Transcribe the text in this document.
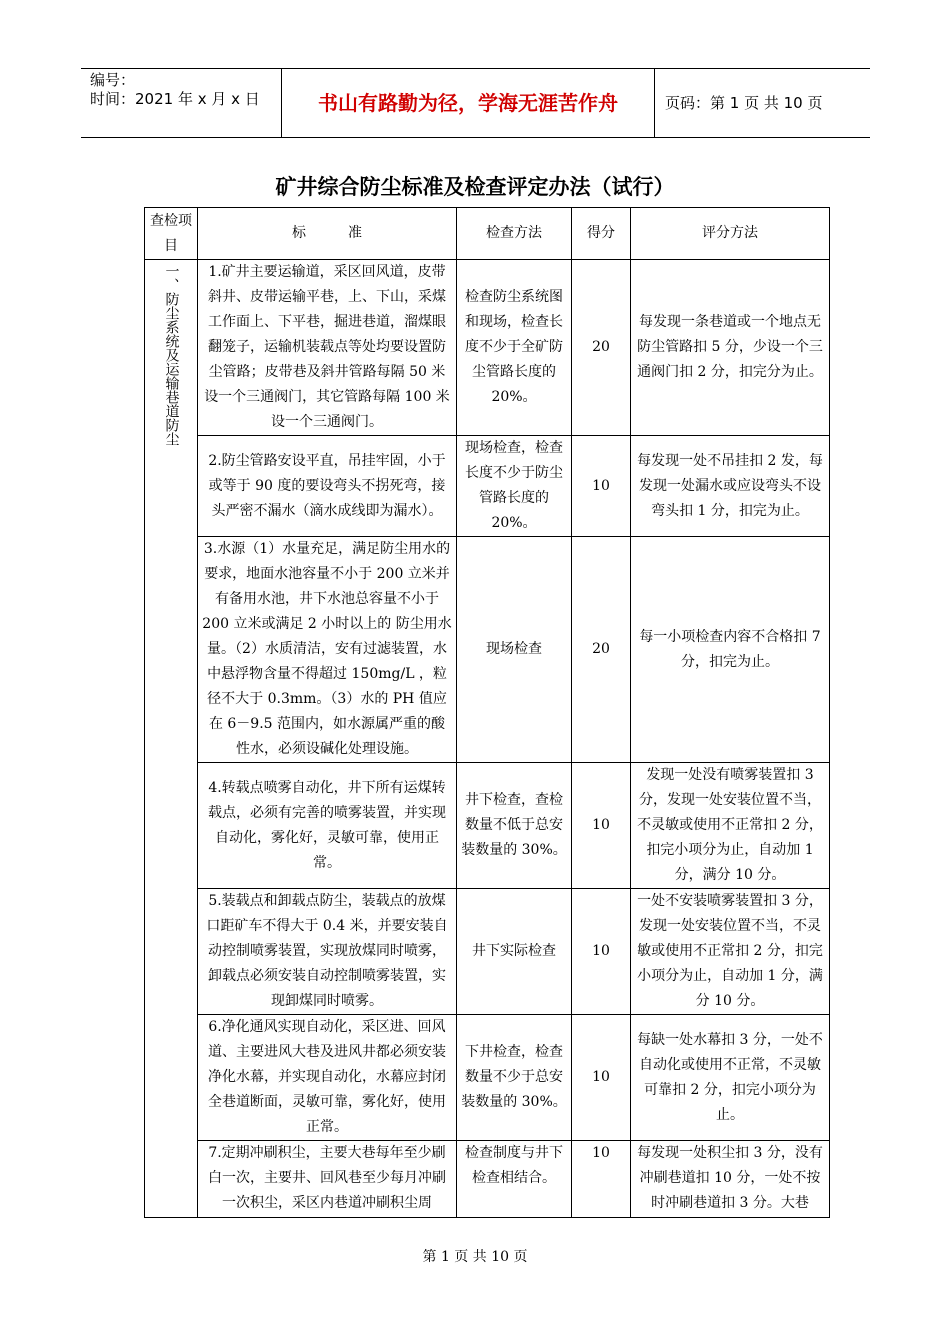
编号：
时间：2021 年 x 月 x 日	书山有路勤为径，学海无涯苦作舟	页码：第 1 页 共 10 页
矿井综合防尘标准及检查评定办法（试行）
查检项目	标　　　准	检查方法	得分	评分方法

一、防尘系统及运输巷道防尘	1.矿井主要运输道，采区回风道，皮带斜井、皮带运输平巷，上、下山，采煤工作面上、下平巷，掘进巷道，溜煤眼翻笼子，运输机装载点等处均要设置防尘管路；皮带巷及斜井管路每隔 50 米设一个三通阀门，其它管路每隔 100 米设一个三通阀门。	检查防尘系统图和现场，检查长度不少于全矿防尘管路长度的 20%。	20	每发现一条巷道或一个地点无防尘管路扣 5 分，少设一个三通阀门扣 2 分，扣完分为止。
	2.防尘管路安设平直，吊挂牢固，小于或等于 90 度的要设弯头不拐死弯，接头严密不漏水（滴水成线即为漏水）。	现场检查，检查长度不少于防尘管路长度的 20%。	10	每发现一处不吊挂扣 2 发，每发现一处漏水或应设弯头不设弯头扣 1 分，扣完为止。
	3.水源（1）水量充足，满足防尘用水的要求，地面水池容量不小于 200 立米并有备用水池，井下水池总容量不小于 200 立米或满足 2 小时以上的 防尘用水量。（2）水质清洁，安有过滤装置，水中悬浮物含量不得超过 150mg/L ，粒径不大于 0.3mm。（3）水的 PH 值应在 6－9.5 范围内，如水源属严重的酸性水，必须设碱化处理设施。	现场检查	20	每一小项检查内容不合格扣 7 分，扣完为止。
	4.转载点喷雾自动化，井下所有运煤转载点，必须有完善的喷雾装置，并实现自动化，雾化好，灵敏可靠，使用正常。	井下检查，查检数量不低于总安装数量的 30%。	10	发现一处没有喷雾装置扣 3 分，发现一处安装位置不当，不灵敏或使用不正常扣 2 分，扣完小项分为止，自动加 1 分，满分 10 分。
	5.装载点和卸载点防尘，装载点的放煤口距矿车不得大于 0.4 米，并要安装自动控制喷雾装置，实现放煤同时喷雾，卸载点必须安装自动控制喷雾装置，实现卸煤同时喷雾。	井下实际检查	10	一处不安装喷雾装置扣 3 分，发现一处安装位置不当，不灵敏或使用不正常扣 2 分，扣完小项分为止，自动加 1 分，满分 10 分。
	6.净化通风实现自动化，采区进、回风道、主要进风大巷及进风井都必须安装净化水幕，并实现自动化，水幕应封闭全巷道断面，灵敏可靠，雾化好，使用正常。	下井检查，检查数量不少于总安装数量的 30%。	10	每缺一处水幕扣 3 分，一处不自动化或使用不正常，不灵敏可靠扣 2 分，扣完小项分为止。
	7.定期冲刷积尘，主要大巷每年至少刷白一次，主要井、回风巷至少每月冲刷一次积尘，采区内巷道冲刷积尘周	检查制度与井下检查相结合。	10	每发现一处积尘扣 3 分，没有冲刷巷道扣 10 分，一处不按时冲刷巷道扣 3 分。大巷
第 1 页 共 10 页
